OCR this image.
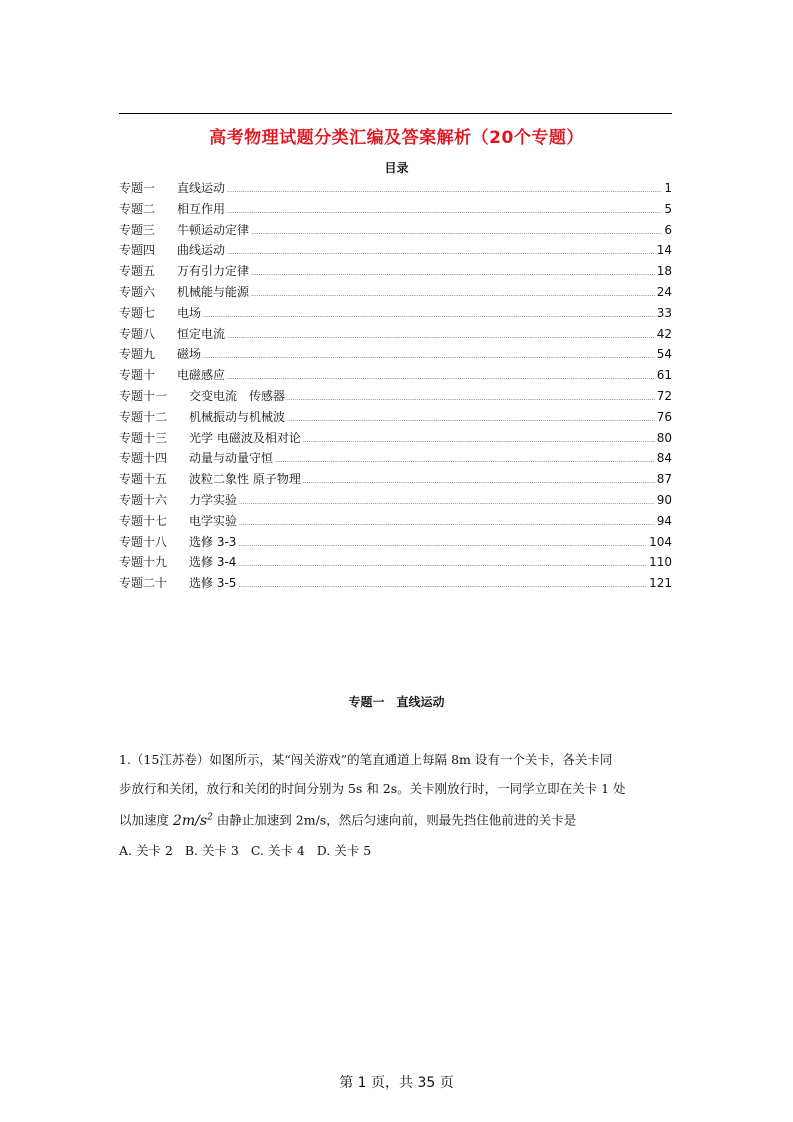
高考物理试题分类汇编及答案解析（20个专题）
目录
专题一	直线运动 .....	1
专题二	相互作用 .....	5
专题三	牛顿运动定律 .....	6
专题四	曲线运动 .....	14
专题五	万有引力定律 .....	18
专题六	机械能与能源 .....	24
专题七	电场 .....	33
专题八	恒定电流 .....	42
专题九	磁场 .....	54
专题十	电磁感应 .....	61
专题十一	交变电流　传感器 .....	72
专题十二	机械振动与机械波 .....	76
专题十三	光学 电磁波及相对论 .....	80
专题十四	动量与动量守恒 .....	84
专题十五	波粒二象性 原子物理 .....	87
专题十六	力学实验 .....	90
专题十七	电学实验 .....	94
专题十八	选修 3-3 .....	104
专题十九	选修 3-4 .....	110
专题二十	选修 3-5 .....	121
专题一　直线运动

1.（15江苏卷）如图所示，某“闯关游戏”的笔直通道上每隔 8m 设有一个关卡，各关卡同

步放行和关闭，放行和关闭的时间分别为 5s 和 2s。关卡刚放行时，一同学立即在关卡 1 处

以加速度 $2m/s^2$ 由静止加速到 2m/s，然后匀速向前，则最先挡住他前进的关卡是

A. 关卡 2 B. 关卡 3 C. 关卡 4 D. 关卡 5

第 1 页，共 35 页
